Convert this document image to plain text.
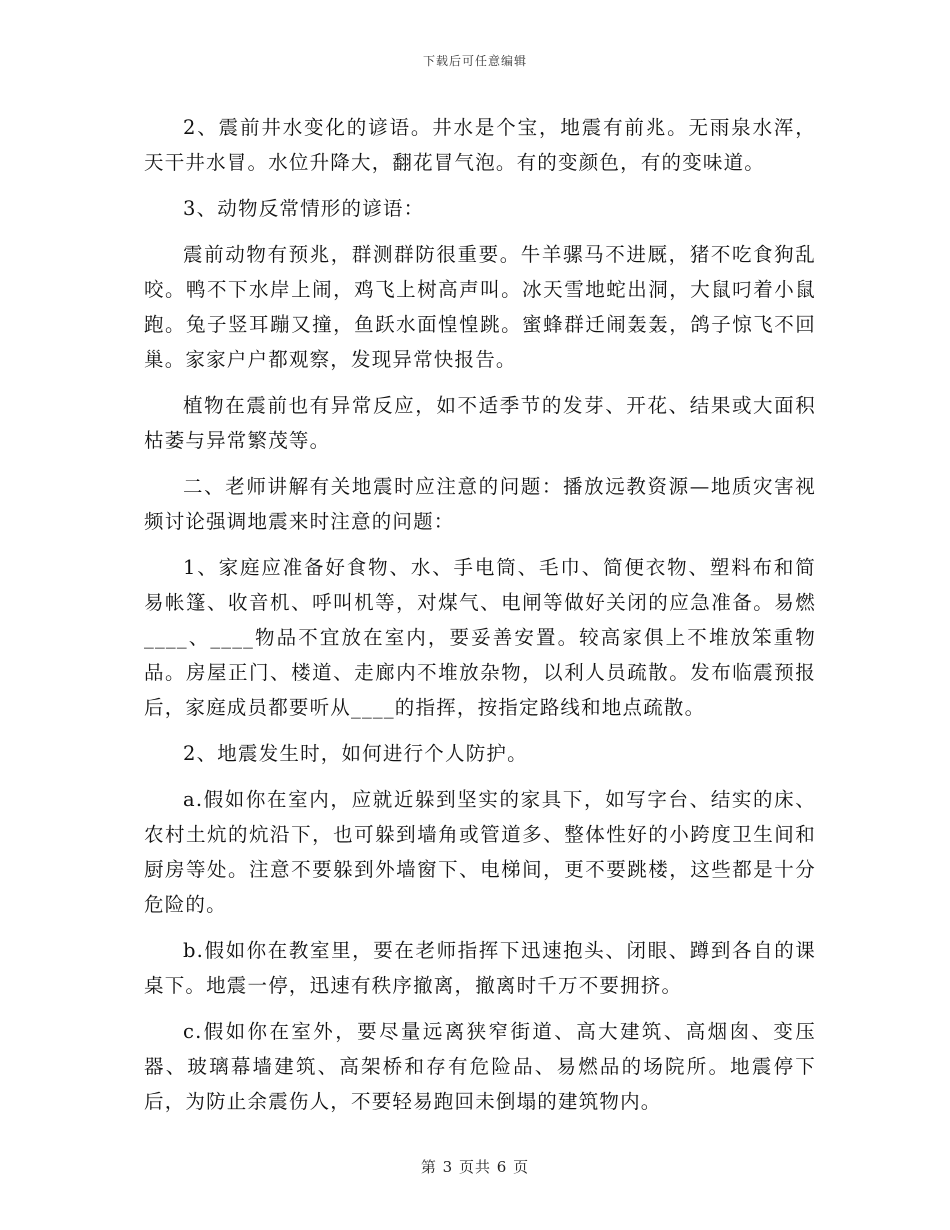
下载后可任意编辑

2、震前井水变化的谚语。井水是个宝，地震有前兆。无雨泉水浑，天干井水冒。水位升降大，翻花冒气泡。有的变颜色，有的变味道。

3、动物反常情形的谚语：

震前动物有预兆，群测群防很重要。牛羊骡马不进厩，猪不吃食狗乱咬。鸭不下水岸上闹，鸡飞上树高声叫。冰天雪地蛇出洞，大鼠叼着小鼠跑。兔子竖耳蹦又撞，鱼跃水面惶惶跳。蜜蜂群迁闹轰轰，鸽子惊飞不回巢。家家户户都观察，发现异常快报告。

植物在震前也有异常反应，如不适季节的发芽、开花、结果或大面积枯萎与异常繁茂等。

二、老师讲解有关地震时应注意的问题：播放远教资源—地质灾害视频讨论强调地震来时注意的问题：

1、家庭应准备好食物、水、手电筒、毛巾、简便衣物、塑料布和简易帐篷、收音机、呼叫机等，对煤气、电闸等做好关闭的应急准备。易燃____、____物品不宜放在室内，要妥善安置。较高家俱上不堆放笨重物品。房屋正门、楼道、走廊内不堆放杂物，以利人员疏散。发布临震预报后，家庭成员都要听从____的指挥，按指定路线和地点疏散。

2、地震发生时，如何进行个人防护。

a.假如你在室内，应就近躲到坚实的家具下，如写字台、结实的床、农村土炕的炕沿下，也可躲到墙角或管道多、整体性好的小跨度卫生间和厨房等处。注意不要躲到外墙窗下、电梯间，更不要跳楼，这些都是十分危险的。

b.假如你在教室里，要在老师指挥下迅速抱头、闭眼、蹲到各自的课桌下。地震一停，迅速有秩序撤离，撤离时千万不要拥挤。

c.假如你在室外，要尽量远离狭窄街道、高大建筑、高烟囱、变压器、玻璃幕墙建筑、高架桥和存有危险品、易燃品的场院所。地震停下后，为防止余震伤人，不要轻易跑回未倒塌的建筑物内。

第 3 页共 6 页
